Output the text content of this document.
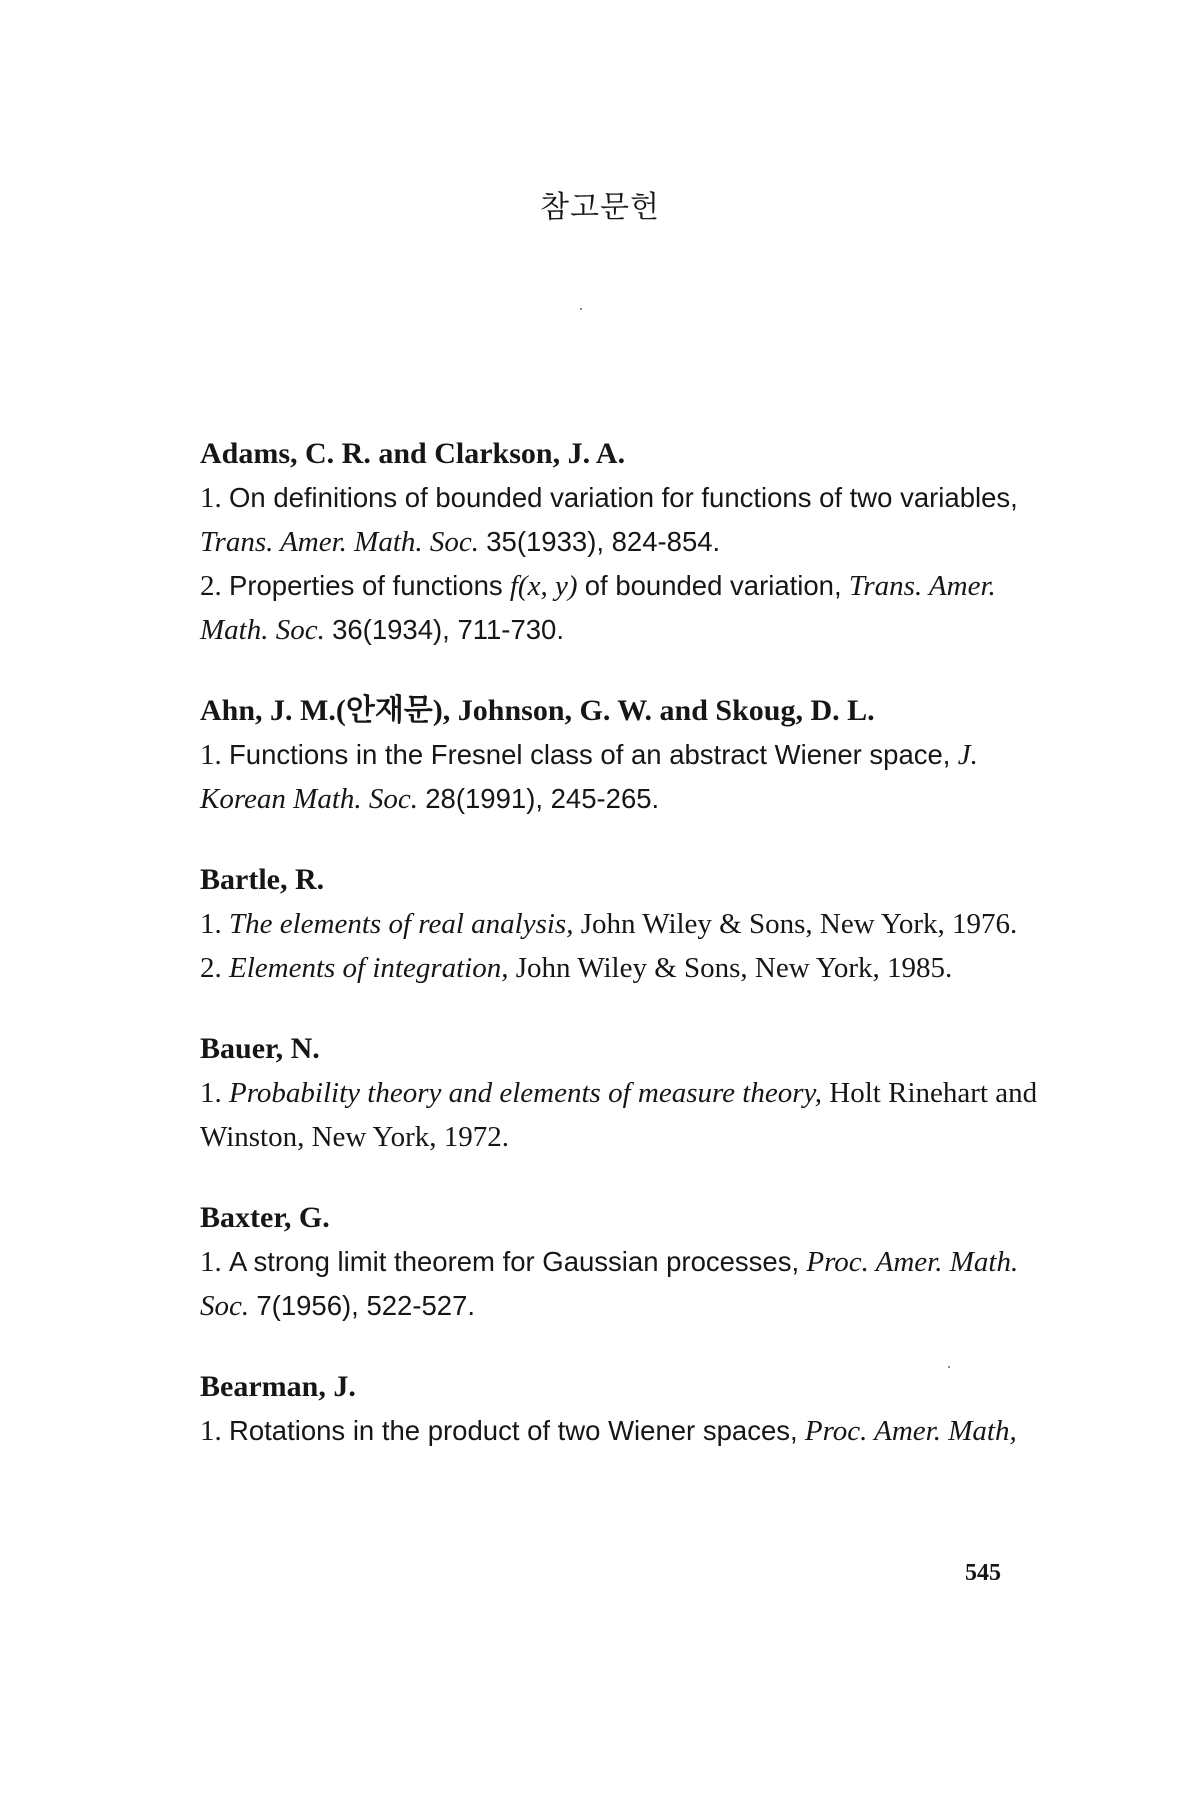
참고문헌
Adams, C. R. and Clarkson, J. A.
1. On definitions of bounded variation for functions of two variables,
Trans. Amer. Math. Soc. 35(1933), 824-854.
2. Properties of functions f(x, y) of bounded variation, Trans. Amer. Math. Soc. 36(1934), 711-730.
Ahn, J. M.(안재문), Johnson, G. W. and Skoug, D. L.
1. Functions in the Fresnel class of an abstract Wiener space, J. Korean Math. Soc. 28(1991), 245-265.
Bartle, R.
1. The elements of real analysis, John Wiley & Sons, New York, 1976.
2. Elements of integration, John Wiley & Sons, New York, 1985.
Bauer, N.
1. Probability theory and elements of measure theory, Holt Rinehart and Winston, New York, 1972.
Baxter, G.
1. A strong limit theorem for Gaussian processes, Proc. Amer. Math. Soc. 7(1956), 522-527.
Bearman, J.
1. Rotations in the product of two Wiener spaces, Proc. Amer. Math,
545
